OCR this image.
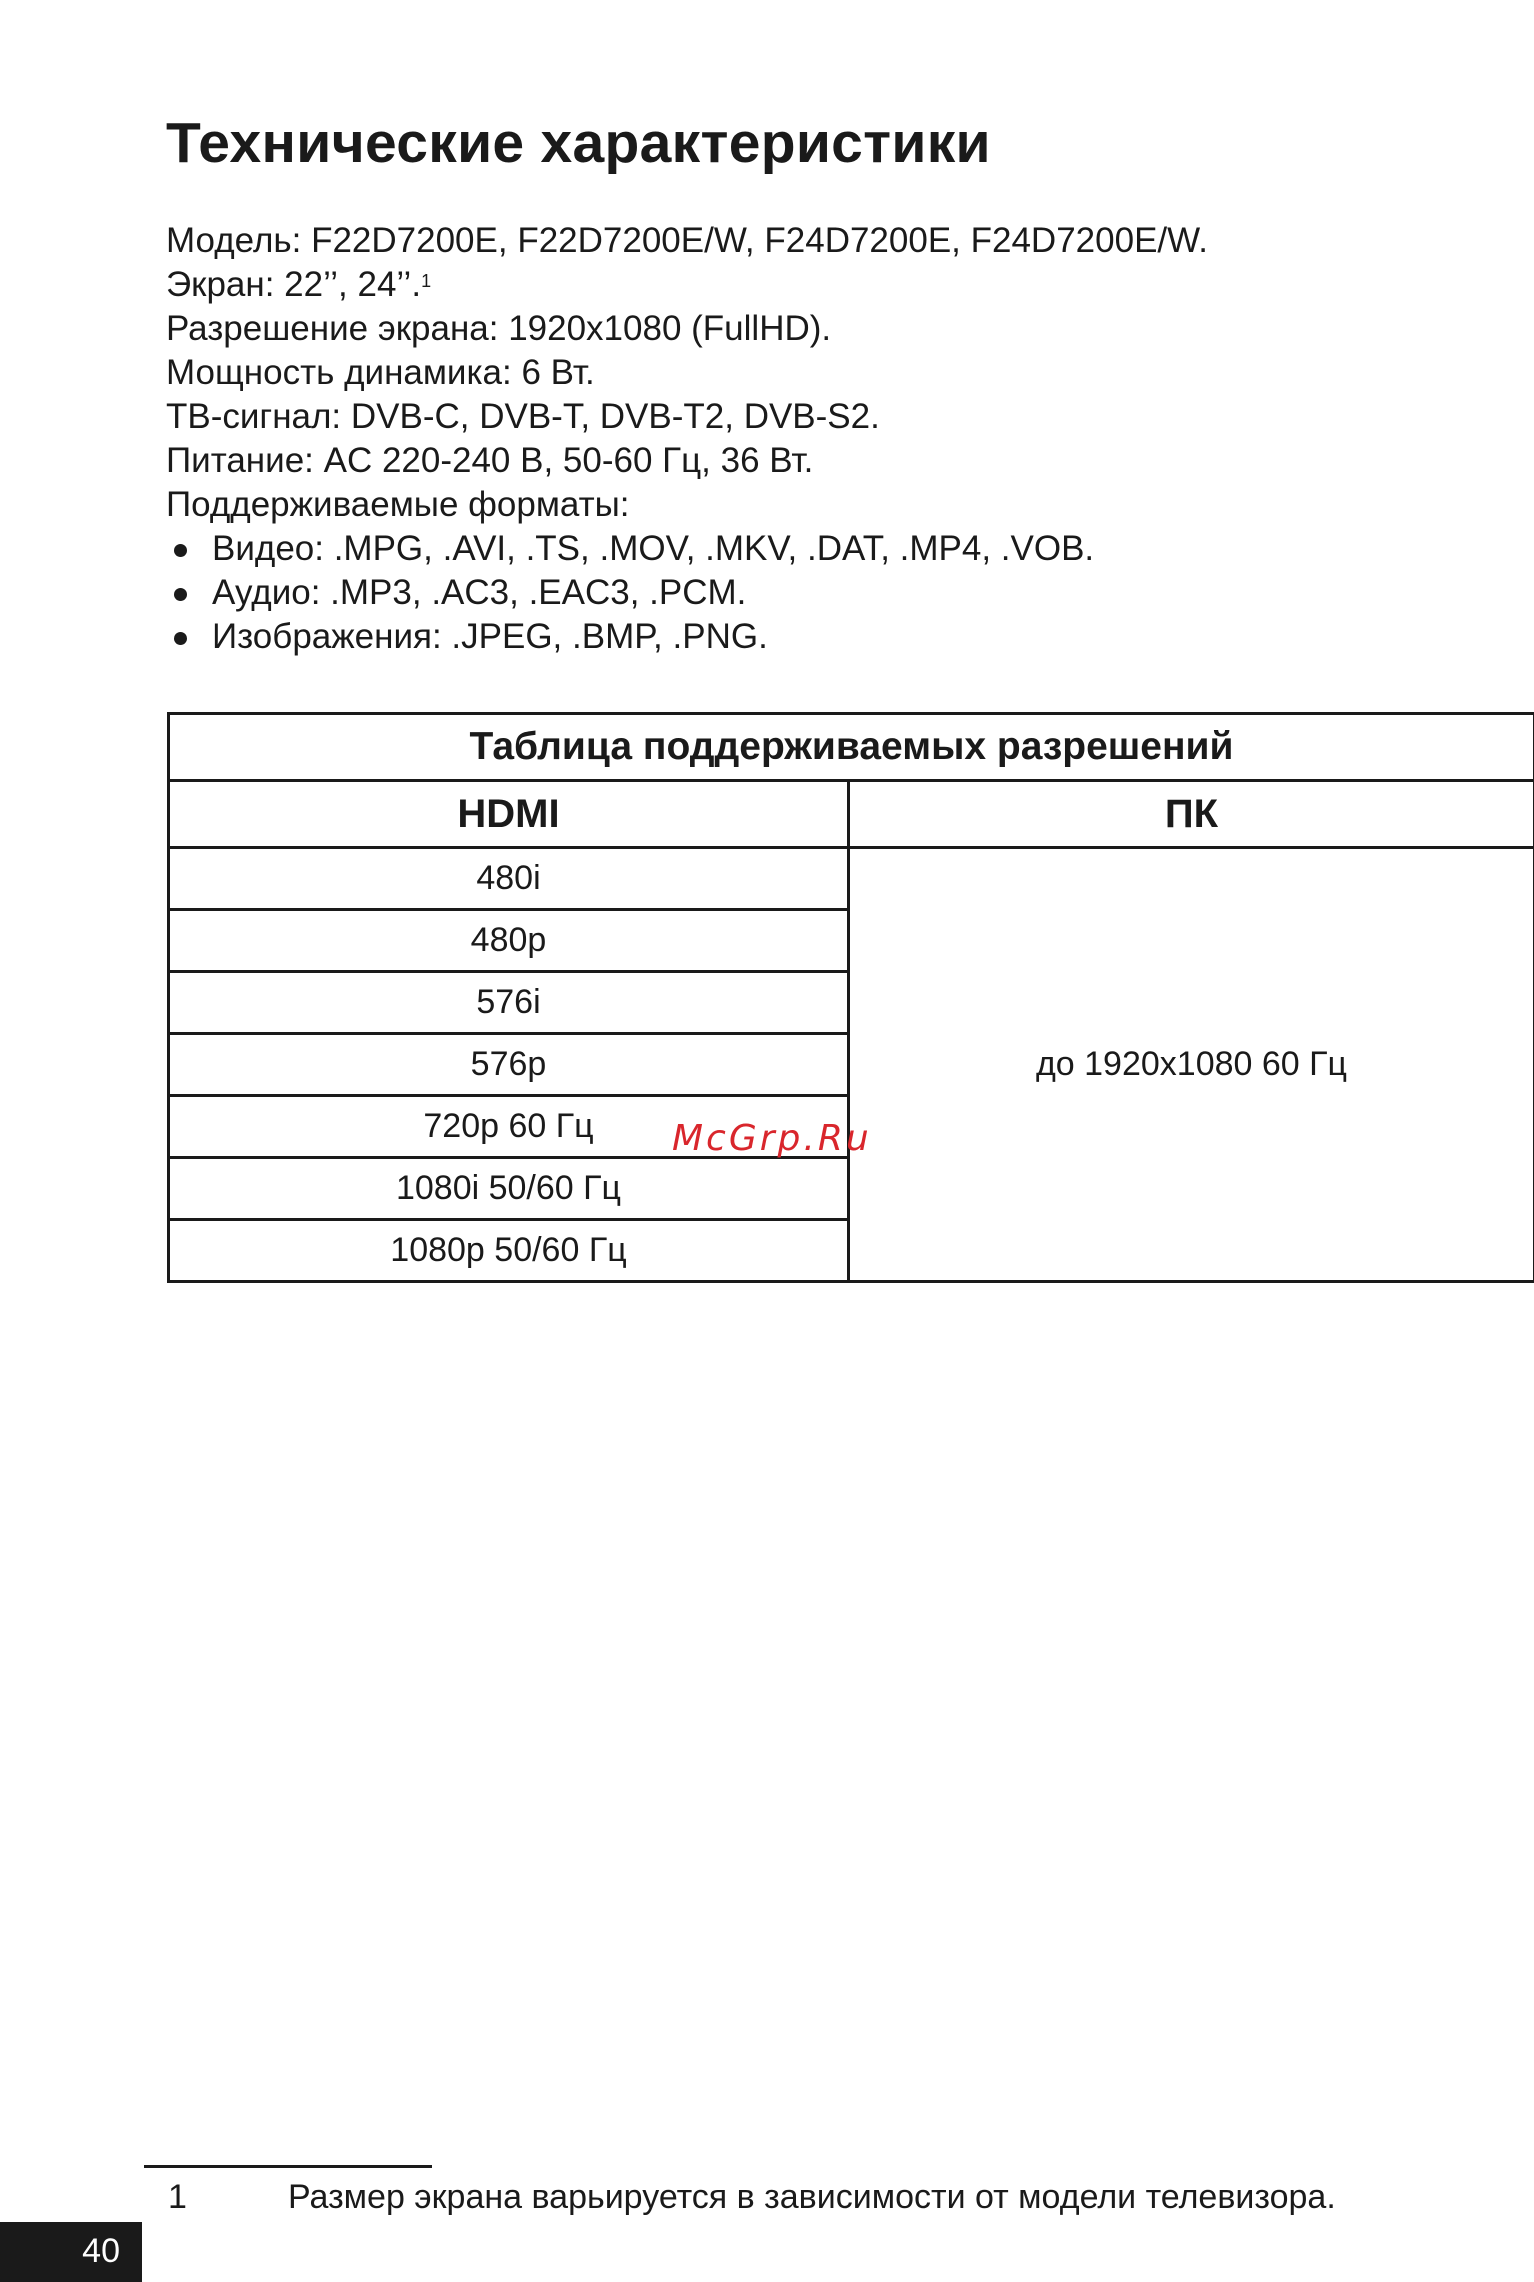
Технические характеристики
Модель: F22D7200E, F22D7200E/W, F24D7200E, F24D7200E/W.
Экран: 22’’, 24’’.$^1$
Разрешение экрана: 1920x1080 (FullHD).
Мощность динамика: 6 Вт.
ТВ-сигнал: DVB-C, DVB-T, DVB-T2, DVB-S2.
Питание: AC 220-240 В, 50-60 Гц, 36 Вт.
Поддерживаемые форматы:
Видео: .MPG, .AVI, .TS, .MOV, .MKV, .DAT, .MP4, .VOB.
Аудио: .MP3, .AC3, .EAC3, .PCM.
Изображения: .JPEG, .BMP, .PNG.
Таблица поддерживаемых разрешений	
HDMI	ПК
480i	до 1920x1080 60 Гц
480p	
576i	
576p	
720p 60 Гц	
1080i 50/60 Гц	
1080p 50/60 Гц	
McGrp.Ru
1	Размер экрана варьируется в зависимости от модели телевизора.
40
